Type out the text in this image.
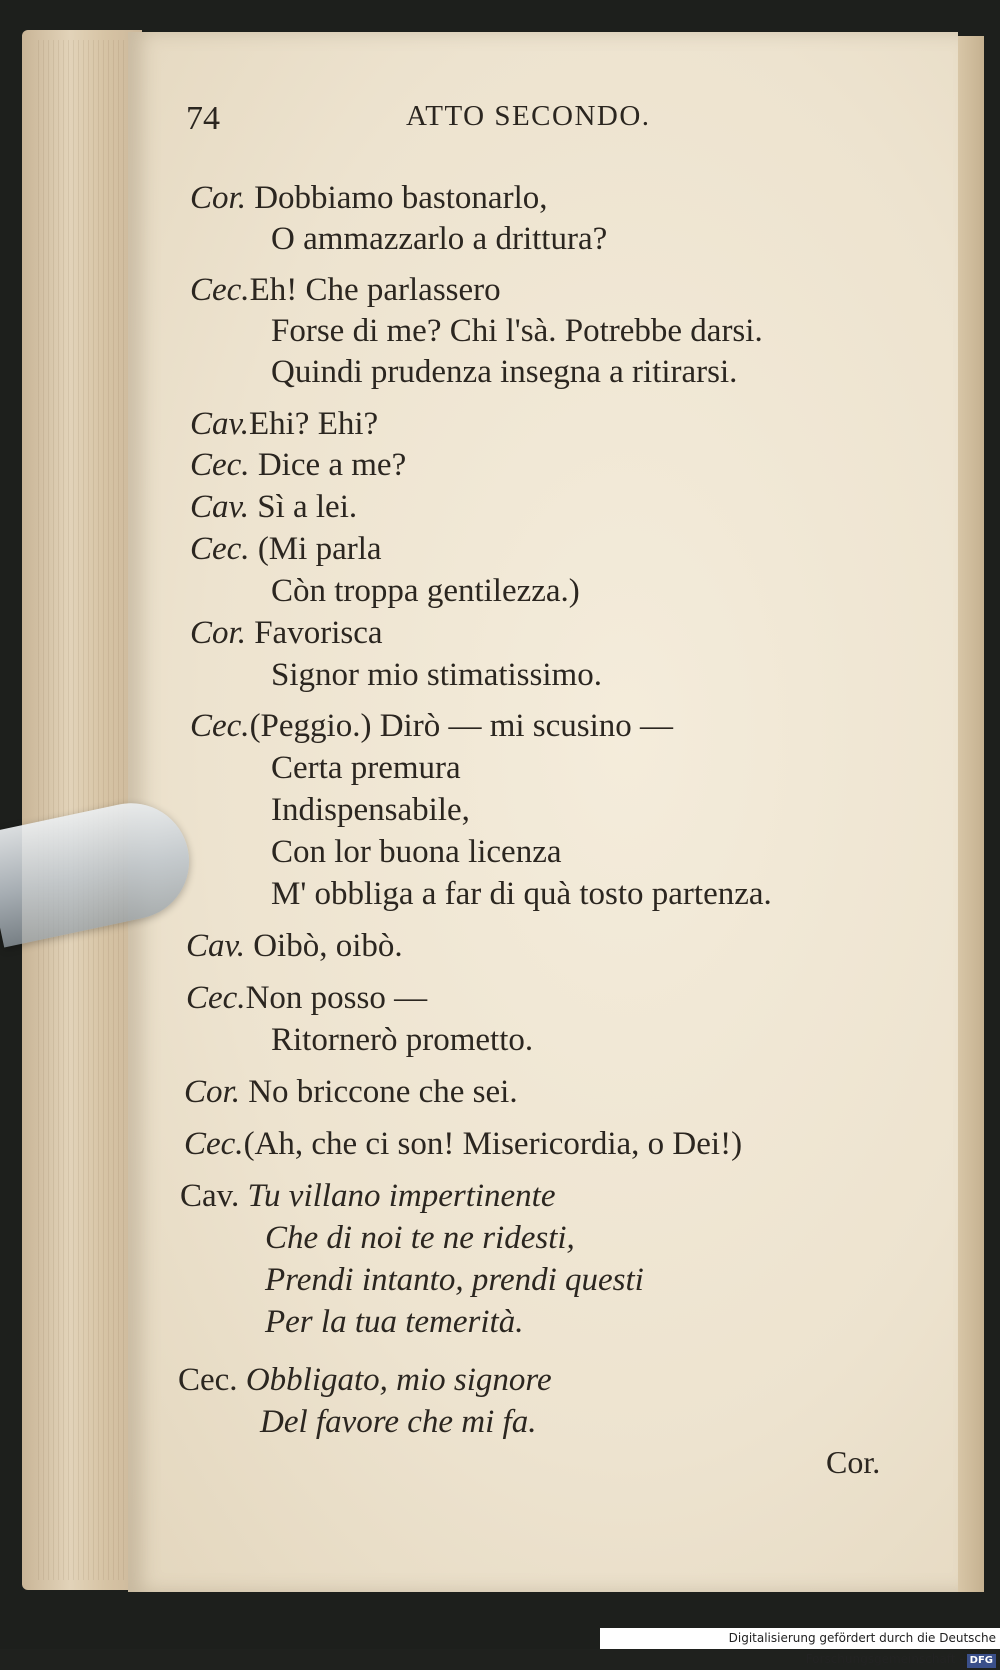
74	ATTO SECONDO.
Cor. Dobbiamo bastonarlo,
O ammazzarlo a drittura?
Cec.Eh! Che parlassero
Forse di me? Chi l'sà. Potrebbe darsi.
Quindi prudenza insegna a ritirarsi.
Cav.Ehi? Ehi?
Cec. Dice a me?
Cav. Sì a lei.
Cec. (Mi parla
Còn troppa gentilezza.)
Cor. Favorisca
Signor mio stimatissimo.
Cec.(Peggio.) Dirò — mi scusino —
Certa premura
Indispensabile,
Con lor buona licenza
M' obbliga a far di quà tosto partenza.
Cav. Oibò, oibò.
Cec.Non posso —
Ritornerò prometto.
Cor. No briccone che sei.
Cec.(Ah, che ci son! Misericordia, o Dei!)
Cav. Tu villano impertinente
Che di noi te ne ridesti,
Prendi intanto, prendi questi
Per la tua temerità.
Cec. Obbligato, mio signore
Del favore che mi fa.
Cor.
Digitalisierung gefördert durch die Deutsche Forschungsgemeinschaft - DFG
